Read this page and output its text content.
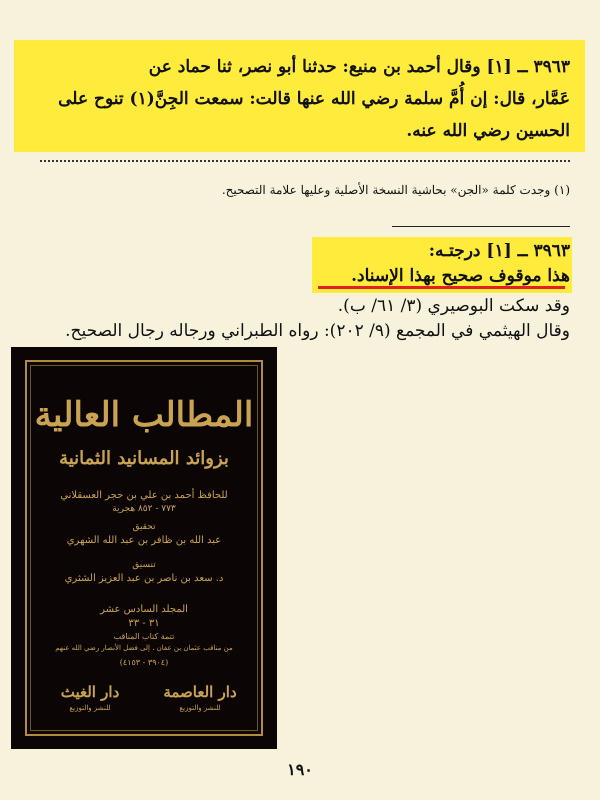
٣٩٦٣ ــ [١] وقال أحمد بن منيع: حدثنا أبو نصر، ثنا حماد عن
عَمَّار، قال: إن أُمَّ سلمة رضي الله عنها قالت: سمعت الجِنَّ(١) تنوح على
الحسين رضي الله عنه.
(١) وجدت كلمة «الجن» بحاشية النسخة الأصلية وعليها علامة التصحيح.
٣٩٦٣ ــ [١] درجتـه:
هذا موقوف صحيح بهذا الإسناد.
وقد سكت البوصيري (٣/ ٦١/ ب).
وقال الهيثمي في المجمع (٩/ ٢٠٢): رواه الطبراني ورجاله رجال الصحيح.
المطالب العالية
بزوائد المسانيد الثمانية
للحافظ أحمد بن علي بن حجر العسقلاني
٧٧٣ - ٨٥٢ هجرية
تحقيق
عبد الله بن ظافر بن عبد الله الشهري
تنسيق
د. سعد بن ناصر بن عبد العزيز الشثري
المجلد السادس عشر
٣١ - ٣٣
تتمة كتاب المناقب
من مناقب عثمان بن عفان . إلى فضل الأنصار رضي الله عنهم
(٣٩٠٤ - ٤١٥٣)
دار العاصمة
للنشر والتوزيع
دار الغيث
للنشر والتوزيع
١٩٠
